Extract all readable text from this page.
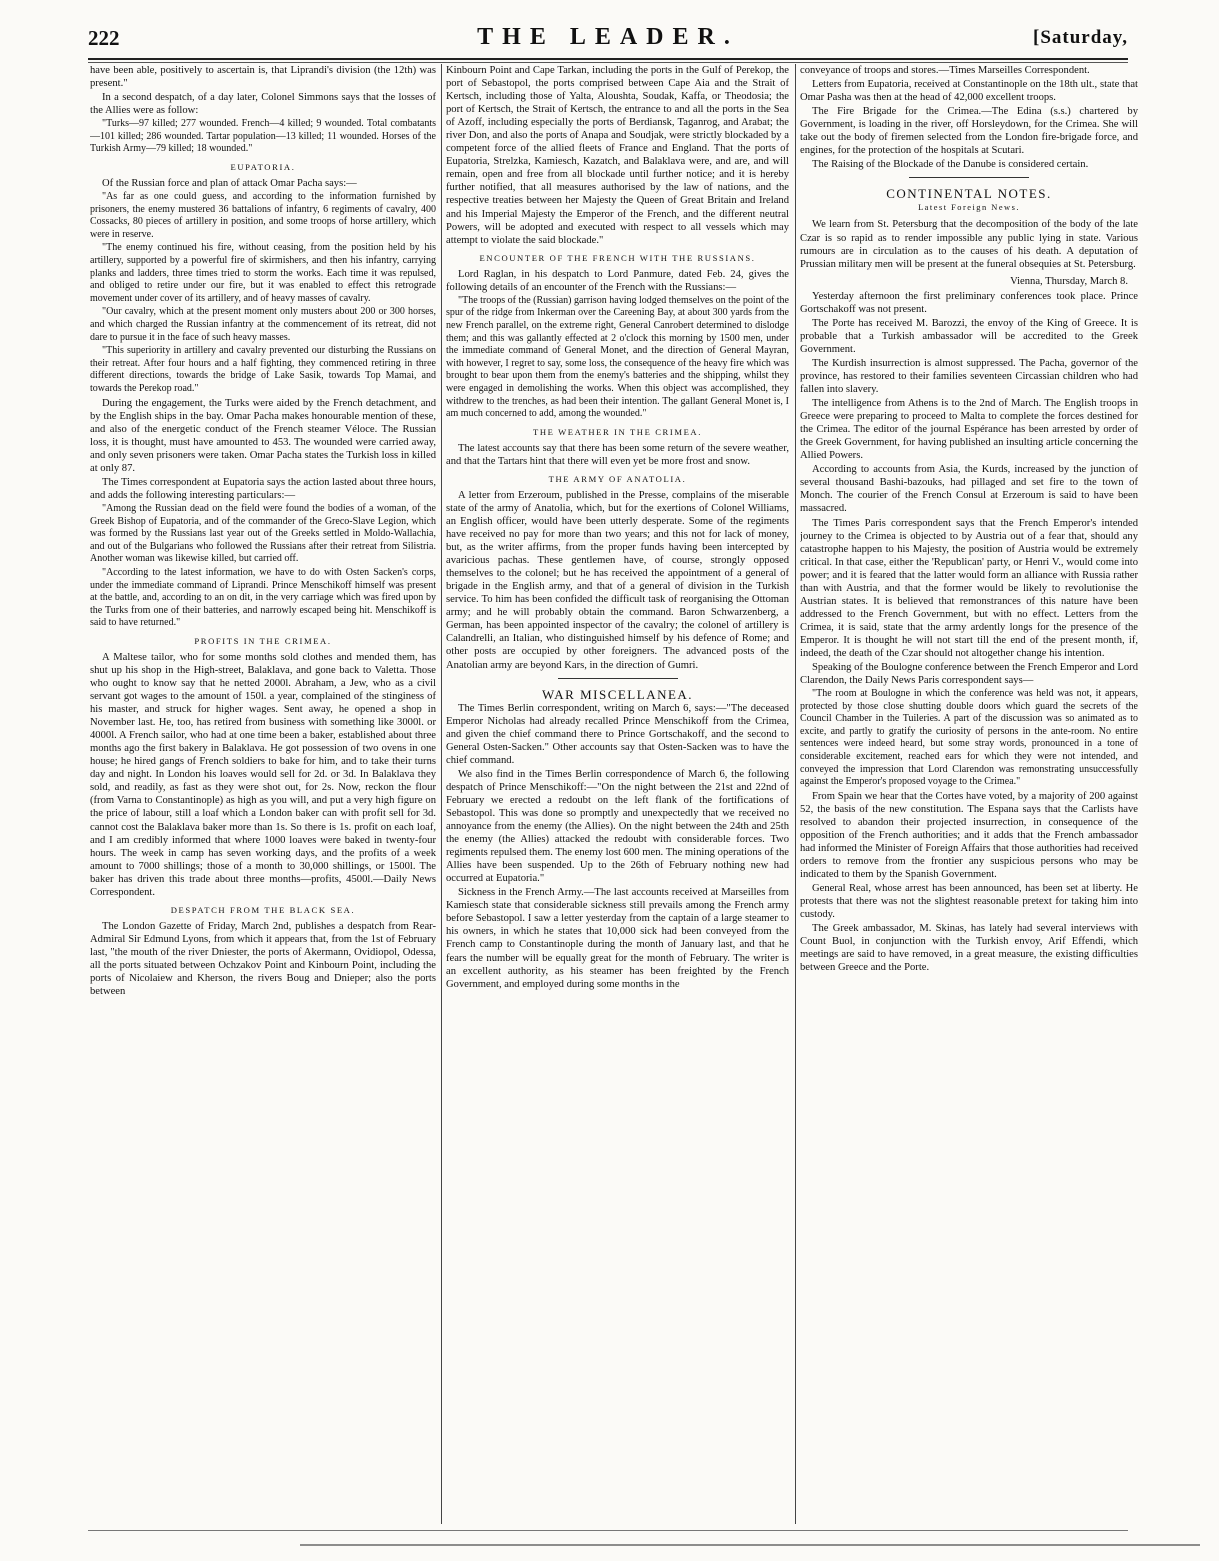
222	THE LEADER.	[Saturday,

have been able, positively to ascertain is, that Liprandi's division (the 12th) was present."

In a second despatch, of a day later, Colonel Simmons says that the losses of the Allies were as follow:

"Turks—97 killed; 277 wounded. French—4 killed; 9 wounded. Total combatants—101 killed; 286 wounded. Tartar population—13 killed; 11 wounded. Horses of the Turkish Army—79 killed; 18 wounded."

EUPATORIA.

Of the Russian force and plan of attack Omar Pacha says:—

"As far as one could guess, and according to the information furnished by prisoners, the enemy mustered 36 battalions of infantry, 6 regiments of cavalry, 400 Cossacks, 80 pieces of artillery in position, and some troops of horse artillery, which were in reserve.

"The enemy continued his fire, without ceasing, from the position held by his artillery, supported by a powerful fire of skirmishers, and then his infantry, carrying planks and ladders, three times tried to storm the works. Each time it was repulsed, and obliged to retire under our fire, but it was enabled to effect this retrograde movement under cover of its artillery, and of heavy masses of cavalry.

"Our cavalry, which at the present moment only musters about 200 or 300 horses, and which charged the Russian infantry at the commencement of its retreat, did not dare to pursue it in the face of such heavy masses.

"This superiority in artillery and cavalry prevented our disturbing the Russians on their retreat. After four hours and a half fighting, they commenced retiring in three different directions, towards the bridge of Lake Sasik, towards Top Mamai, and towards the Perekop road."

During the engagement, the Turks were aided by the French detachment, and by the English ships in the bay. Omar Pacha makes honourable mention of these, and also of the energetic conduct of the French steamer Véloce. The Russian loss, it is thought, must have amounted to 453. The wounded were carried away, and only seven prisoners were taken. Omar Pacha states the Turkish loss in killed at only 87.

The Times correspondent at Eupatoria says the action lasted about three hours, and adds the following interesting particulars:—

"Among the Russian dead on the field were found the bodies of a woman, of the Greek Bishop of Eupatoria, and of the commander of the Greco-Slave Legion, which was formed by the Russians last year out of the Greeks settled in Moldo-Wallachia, and out of the Bulgarians who followed the Russians after their retreat from Silistria. Another woman was likewise killed, but carried off.

"According to the latest information, we have to do with Osten Sacken's corps, under the immediate command of Liprandi. Prince Menschikoff himself was present at the battle, and, according to an on dit, in the very carriage which was fired upon by the Turks from one of their batteries, and narrowly escaped being hit. Menschikoff is said to have returned."

PROFITS IN THE CRIMEA.

A Maltese tailor, who for some months sold clothes and mended them, has shut up his shop in the High-street, Balaklava, and gone back to Valetta. Those who ought to know say that he netted 2000l. Abraham, a Jew, who as a civil servant got wages to the amount of 150l. a year, complained of the stinginess of his master, and struck for higher wages. Sent away, he opened a shop in November last. He, too, has retired from business with something like 3000l. or 4000l. A French sailor, who had at one time been a baker, established about three months ago the first bakery in Balaklava. He got possession of two ovens in one house; he hired gangs of French soldiers to bake for him, and to take their turns day and night. In London his loaves would sell for 2d. or 3d. In Balaklava they sold, and readily, as fast as they were shot out, for 2s. Now, reckon the flour (from Varna to Constantinople) as high as you will, and put a very high figure on the price of labour, still a loaf which a London baker can with profit sell for 3d. cannot cost the Balaklava baker more than 1s. So there is 1s. profit on each loaf, and I am credibly informed that where 1000 loaves were baked in twenty-four hours. The week in camp has seven working days, and the profits of a week amount to 7000 shillings; those of a month to 30,000 shillings, or 1500l. The baker has driven this trade about three months—profits, 4500l.—Daily News Correspondent.

DESPATCH FROM THE BLACK SEA.

The London Gazette of Friday, March 2nd, publishes a despatch from Rear-Admiral Sir Edmund Lyons, from which it appears that, from the 1st of February last, "the mouth of the river Dniester, the ports of Akermann, Ovidiopol, Odessa, all the ports situated between Ochzakov Point and Kinbourn Point, including the ports of Nicolaiew and Kherson, the rivers Boug and Dnieper; also the ports between

Kinbourn Point and Cape Tarkan, including the ports in the Gulf of Perekop, the port of Sebastopol, the ports comprised between Cape Aia and the Strait of Kertsch, including those of Yalta, Aloushta, Soudak, Kaffa, or Theodosia; the port of Kertsch, the Strait of Kertsch, the entrance to and all the ports in the Sea of Azoff, including especially the ports of Berdiansk, Taganrog, and Arabat; the river Don, and also the ports of Anapa and Soudjak, were strictly blockaded by a competent force of the allied fleets of France and England. That the ports of Eupatoria, Strelzka, Kamiesch, Kazatch, and Balaklava were, and are, and will remain, open and free from all blockade until further notice; and it is hereby further notified, that all measures authorised by the law of nations, and the respective treaties between her Majesty the Queen of Great Britain and Ireland and his Imperial Majesty the Emperor of the French, and the different neutral Powers, will be adopted and executed with respect to all vessels which may attempt to violate the said blockade."

ENCOUNTER OF THE FRENCH WITH THE RUSSIANS.

Lord Raglan, in his despatch to Lord Panmure, dated Feb. 24, gives the following details of an encounter of the French with the Russians:—

"The troops of the (Russian) garrison having lodged themselves on the point of the spur of the ridge from Inkerman over the Careening Bay, at about 300 yards from the new French parallel, on the extreme right, General Canrobert determined to dislodge them; and this was gallantly effected at 2 o'clock this morning by 1500 men, under the immediate command of General Monet, and the direction of General Mayran, with however, I regret to say, some loss, the consequence of the heavy fire which was brought to bear upon them from the enemy's batteries and the shipping, whilst they were engaged in demolishing the works. When this object was accomplished, they withdrew to the trenches, as had been their intention. The gallant General Monet is, I am much concerned to add, among the wounded."

THE WEATHER IN THE CRIMEA.

The latest accounts say that there has been some return of the severe weather, and that the Tartars hint that there will even yet be more frost and snow.

THE ARMY OF ANATOLIA.

A letter from Erzeroum, published in the Presse, complains of the miserable state of the army of Anatolia, which, but for the exertions of Colonel Williams, an English officer, would have been utterly desperate. Some of the regiments have received no pay for more than two years; and this not for lack of money, but, as the writer affirms, from the proper funds having been intercepted by avaricious pachas. These gentlemen have, of course, strongly opposed themselves to the colonel; but he has received the appointment of a general of brigade in the English army, and that of a general of division in the Turkish service. To him has been confided the difficult task of reorganising the Ottoman army; and he will probably obtain the command. Baron Schwarzenberg, a German, has been appointed inspector of the cavalry; the colonel of artillery is Calandrelli, an Italian, who distinguished himself by his defence of Rome; and other posts are occupied by other foreigners. The advanced posts of the Anatolian army are beyond Kars, in the direction of Gumri.

WAR MISCELLANEA.

The Times Berlin correspondent, writing on March 6, says:—"The deceased Emperor Nicholas had already recalled Prince Menschikoff from the Crimea, and given the chief command there to Prince Gortschakoff, and the second to General Osten-Sacken." Other accounts say that Osten-Sacken was to have the chief command.

We also find in the Times Berlin correspondence of March 6, the following despatch of Prince Menschikoff:—"On the night between the 21st and 22nd of February we erected a redoubt on the left flank of the fortifications of Sebastopol. This was done so promptly and unexpectedly that we received no annoyance from the enemy (the Allies). On the night between the 24th and 25th the enemy (the Allies) attacked the redoubt with considerable forces. Two regiments repulsed them. The enemy lost 600 men. The mining operations of the Allies have been suspended. Up to the 26th of February nothing new had occurred at Eupatoria."

Sickness in the French Army.—The last accounts received at Marseilles from Kamiesch state that considerable sickness still prevails among the French army before Sebastopol. I saw a letter yesterday from the captain of a large steamer to his owners, in which he states that 10,000 sick had been conveyed from the French camp to Constantinople during the month of January last, and that he fears the number will be equally great for the month of February. The writer is an excellent authority, as his steamer has been freighted by the French Government, and employed during some months in the

conveyance of troops and stores.—Times Marseilles Correspondent.

Letters from Eupatoria, received at Constantinople on the 18th ult., state that Omar Pasha was then at the head of 42,000 excellent troops.

The Fire Brigade for the Crimea.—The Edina (s.s.) chartered by Government, is loading in the river, off Horsleydown, for the Crimea. She will take out the body of firemen selected from the London fire-brigade force, and engines, for the protection of the hospitals at Scutari.

The Raising of the Blockade of the Danube is considered certain.

CONTINENTAL NOTES.
Latest Foreign News.

We learn from St. Petersburg that the decomposition of the body of the late Czar is so rapid as to render impossible any public lying in state. Various rumours are in circulation as to the causes of his death. A deputation of Prussian military men will be present at the funeral obsequies at St. Petersburg.

Vienna, Thursday, March 8.

Yesterday afternoon the first preliminary conferences took place. Prince Gortschakoff was not present.

The Porte has received M. Barozzi, the envoy of the King of Greece. It is probable that a Turkish ambassador will be accredited to the Greek Government.

The Kurdish insurrection is almost suppressed. The Pacha, governor of the province, has restored to their families seventeen Circassian children who had fallen into slavery.

The intelligence from Athens is to the 2nd of March. The English troops in Greece were preparing to proceed to Malta to complete the forces destined for the Crimea. The editor of the journal Espérance has been arrested by order of the Greek Government, for having published an insulting article concerning the Allied Powers.

According to accounts from Asia, the Kurds, increased by the junction of several thousand Bashi-bazouks, had pillaged and set fire to the town of Monch. The courier of the French Consul at Erzeroum is said to have been massacred.

The Times Paris correspondent says that the French Emperor's intended journey to the Crimea is objected to by Austria out of a fear that, should any catastrophe happen to his Majesty, the position of Austria would be extremely critical. In that case, either the 'Republican' party, or Henri V., would come into power; and it is feared that the latter would form an alliance with Russia rather than with Austria, and that the former would be likely to revolutionise the Austrian states. It is believed that remonstrances of this nature have been addressed to the French Government, but with no effect. Letters from the Crimea, it is said, state that the army ardently longs for the presence of the Emperor. It is thought he will not start till the end of the present month, if, indeed, the death of the Czar should not altogether change his intention.

Speaking of the Boulogne conference between the French Emperor and Lord Clarendon, the Daily News Paris correspondent says—

"The room at Boulogne in which the conference was held was not, it appears, protected by those close shutting double doors which guard the secrets of the Council Chamber in the Tuileries. A part of the discussion was so animated as to excite, and partly to gratify the curiosity of persons in the ante-room. No entire sentences were indeed heard, but some stray words, pronounced in a tone of considerable excitement, reached ears for which they were not intended, and conveyed the impression that Lord Clarendon was remonstrating unsuccessfully against the Emperor's proposed voyage to the Crimea."

From Spain we hear that the Cortes have voted, by a majority of 200 against 52, the basis of the new constitution. The Espana says that the Carlists have resolved to abandon their projected insurrection, in consequence of the opposition of the French authorities; and it adds that the French ambassador had informed the Minister of Foreign Affairs that those authorities had received orders to remove from the frontier any suspicious persons who may be indicated to them by the Spanish Government.

General Real, whose arrest has been announced, has been set at liberty. He protests that there was not the slightest reasonable pretext for taking him into custody.

The Greek ambassador, M. Skinas, has lately had several interviews with Count Buol, in conjunction with the Turkish envoy, Arif Effendi, which meetings are said to have removed, in a great measure, the existing difficulties between Greece and the Porte.
